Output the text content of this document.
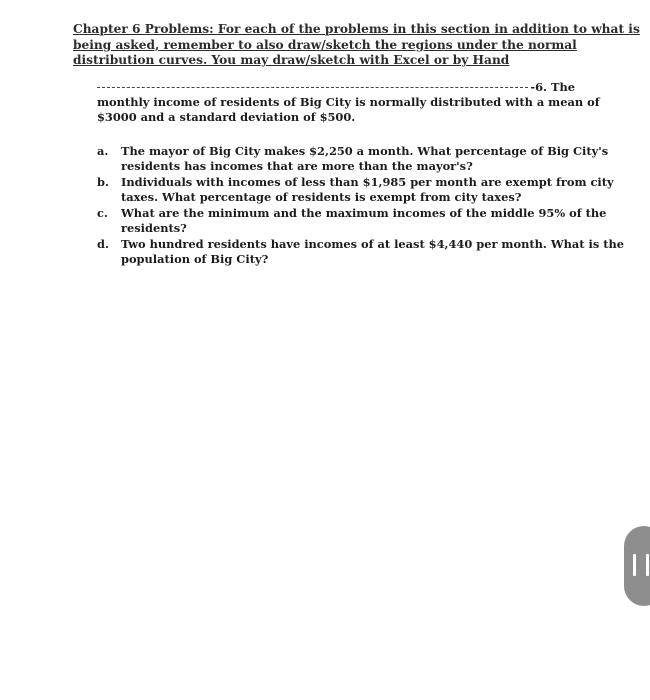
Chapter 6 Problems: For each of the problems in this section in addition to what is
being asked, remember to also draw/sketch the regions under the normal
distribution curves. You may draw/sketch with Excel or by Hand
-6. The
monthly income of residents of Big City is normally distributed with a mean of
$3000 and a standard deviation of $500.
a.	The mayor of Big City makes $2,250 a month. What percentage of Big City's
residents has incomes that are more than the mayor's?
b.	Individuals with incomes of less than $1,985 per month are exempt from city
taxes. What percentage of residents is exempt from city taxes?
c.	What are the minimum and the maximum incomes of the middle 95% of the
residents?
d.	Two hundred residents have incomes of at least $4,440 per month. What is the
population of Big City?
